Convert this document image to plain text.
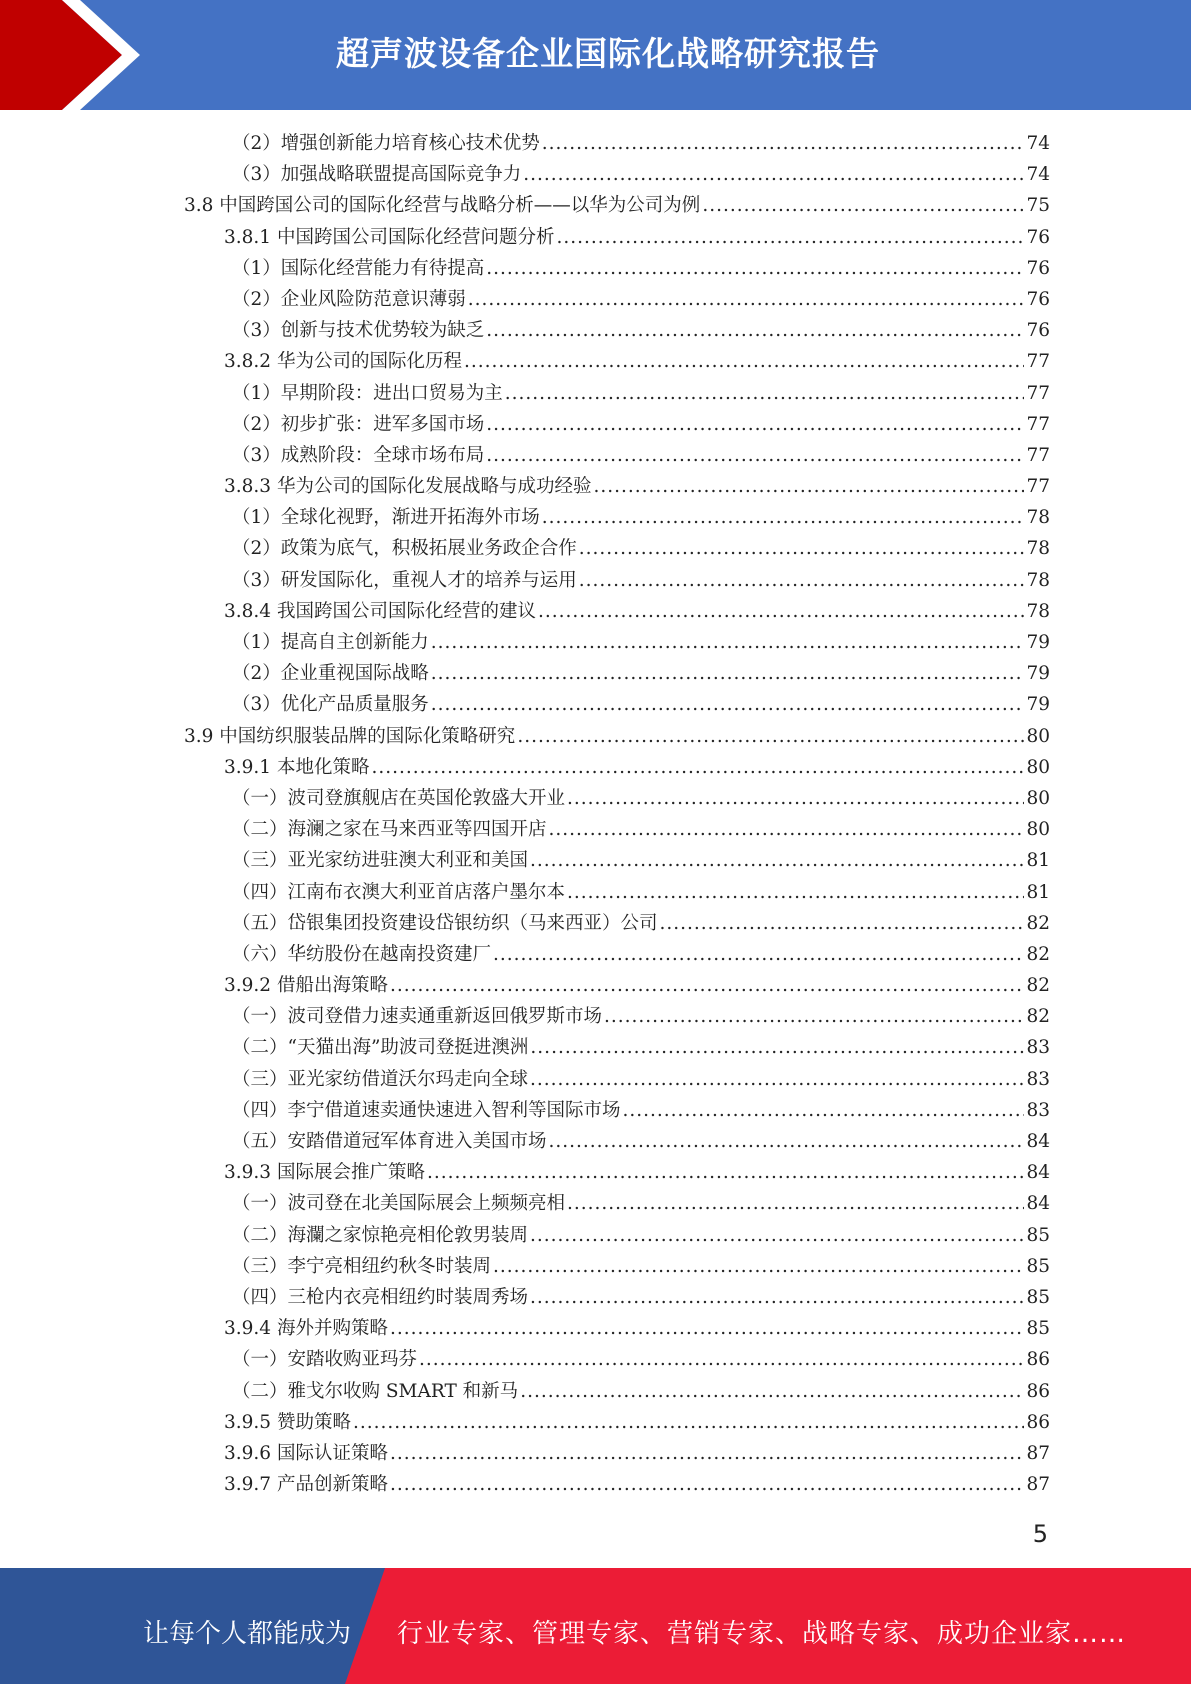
超声波设备企业国际化战略研究报告
（2）增强创新能力培育核心技术优势 .....	74
（3）加强战略联盟提高国际竞争力 .....	74
3.8 中国跨国公司的国际化经营与战略分析——以华为公司为例 .....	75
3.8.1 中国跨国公司国际化经营问题分析 .....	76
（1）国际化经营能力有待提高 .....	76
（2）企业风险防范意识薄弱 .....	76
（3）创新与技术优势较为缺乏 .....	76
3.8.2 华为公司的国际化历程 .....	77
（1）早期阶段：进出口贸易为主 .....	77
（2）初步扩张：进军多国市场 .....	77
（3）成熟阶段：全球市场布局 .....	77
3.8.3 华为公司的国际化发展战略与成功经验 .....	77
（1）全球化视野，渐进开拓海外市场 .....	78
（2）政策为底气，积极拓展业务政企合作 .....	78
（3）研发国际化，重视人才的培养与运用 .....	78
3.8.4 我国跨国公司国际化经营的建议 .....	78
（1）提高自主创新能力 .....	79
（2）企业重视国际战略 .....	79
（3）优化产品质量服务 .....	79
3.9 中国纺织服装品牌的国际化策略研究 .....	80
3.9.1 本地化策略 .....	80
（一）波司登旗舰店在英国伦敦盛大开业 .....	80
（二）海澜之家在马来西亚等四国开店 .....	80
（三）亚光家纺进驻澳大利亚和美国 .....	81
（四）江南布衣澳大利亚首店落户墨尔本 .....	81
（五）岱银集团投资建设岱银纺织（马来西亚）公司 .....	82
（六）华纺股份在越南投资建厂 .....	82
3.9.2 借船出海策略 .....	82
（一）波司登借力速卖通重新返回俄罗斯市场 .....	82
（二）“天猫出海”助波司登挺进澳洲 .....	83
（三）亚光家纺借道沃尔玛走向全球 .....	83
（四）李宁借道速卖通快速进入智利等国际市场 .....	83
（五）安踏借道冠军体育进入美国市场 .....	84
3.9.3 国际展会推广策略 .....	84
（一）波司登在北美国际展会上频频亮相 .....	84
（二）海瀾之家惊艳亮相伦敦男装周 .....	85
（三）李宁亮相纽约秋冬时装周 .....	85
（四）三枪内衣亮相纽约时装周秀场 .....	85
3.9.4 海外并购策略 .....	85
（一）安踏收购亚玛芬 .....	86
（二）雅戈尔收购 SMART 和新马 .....	86
3.9.5 赞助策略 .....	86
3.9.6 国际认证策略 .....	87
3.9.7 产品创新策略 .....	87
5
让每个人都能成为 行业专家、管理专家、营销专家、战略专家、成功企业家……
